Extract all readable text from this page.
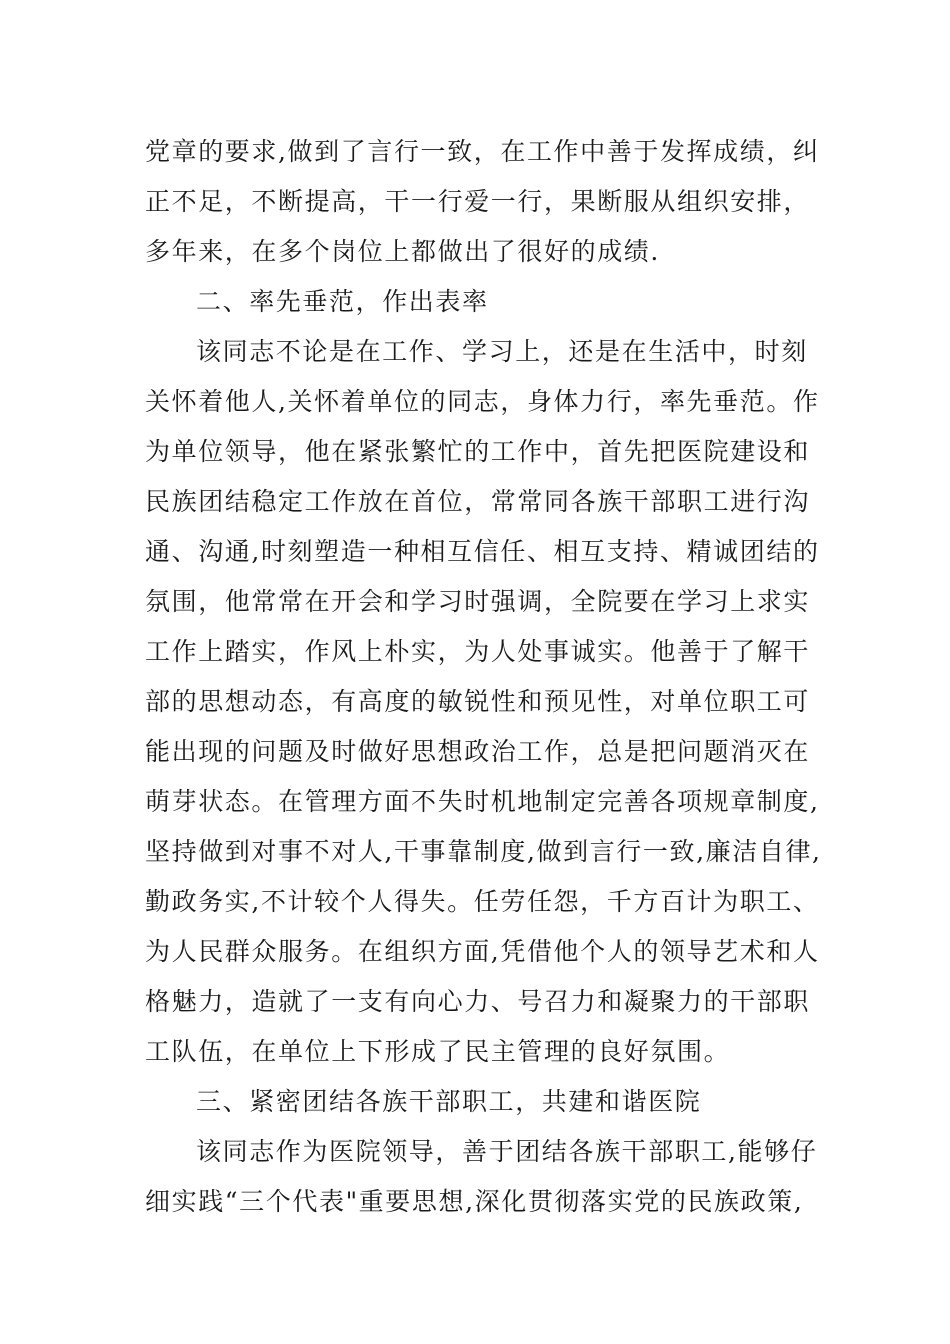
党章的要求,做到了言行一致，在工作中善于发挥成绩，纠
正不足，不断提高，干一行爱一行，果断服从组织安排，
多年来，在多个岗位上都做出了很好的成绩.
二、率先垂范，作出表率
该同志不论是在工作、学习上，还是在生活中，时刻
关怀着他人,关怀着单位的同志，身体力行，率先垂范。作
为单位领导，他在紧张繁忙的工作中，首先把医院建设和
民族团结稳定工作放在首位，常常同各族干部职工进行沟
通、沟通,时刻塑造一种相互信任、相互支持、精诚团结的
氛围，他常常在开会和学习时强调，全院要在学习上求实
工作上踏实，作风上朴实，为人处事诚实。他善于了解干
部的思想动态，有高度的敏锐性和预见性，对单位职工可
能出现的问题及时做好思想政治工作，总是把问题消灭在
萌芽状态。在管理方面不失时机地制定完善各项规章制度,
坚持做到对事不对人,干事靠制度,做到言行一致,廉洁自律,
勤政务实,不计较个人得失。任劳任怨，千方百计为职工、
为人民群众服务。在组织方面,凭借他个人的领导艺术和人
格魅力，造就了一支有向心力、号召力和凝聚力的干部职
工队伍，在单位上下形成了民主管理的良好氛围。
三、紧密团结各族干部职工，共建和谐医院
该同志作为医院领导，善于团结各族干部职工,能够仔
细实践“三个代表"重要思想,深化贯彻落实党的民族政策,
